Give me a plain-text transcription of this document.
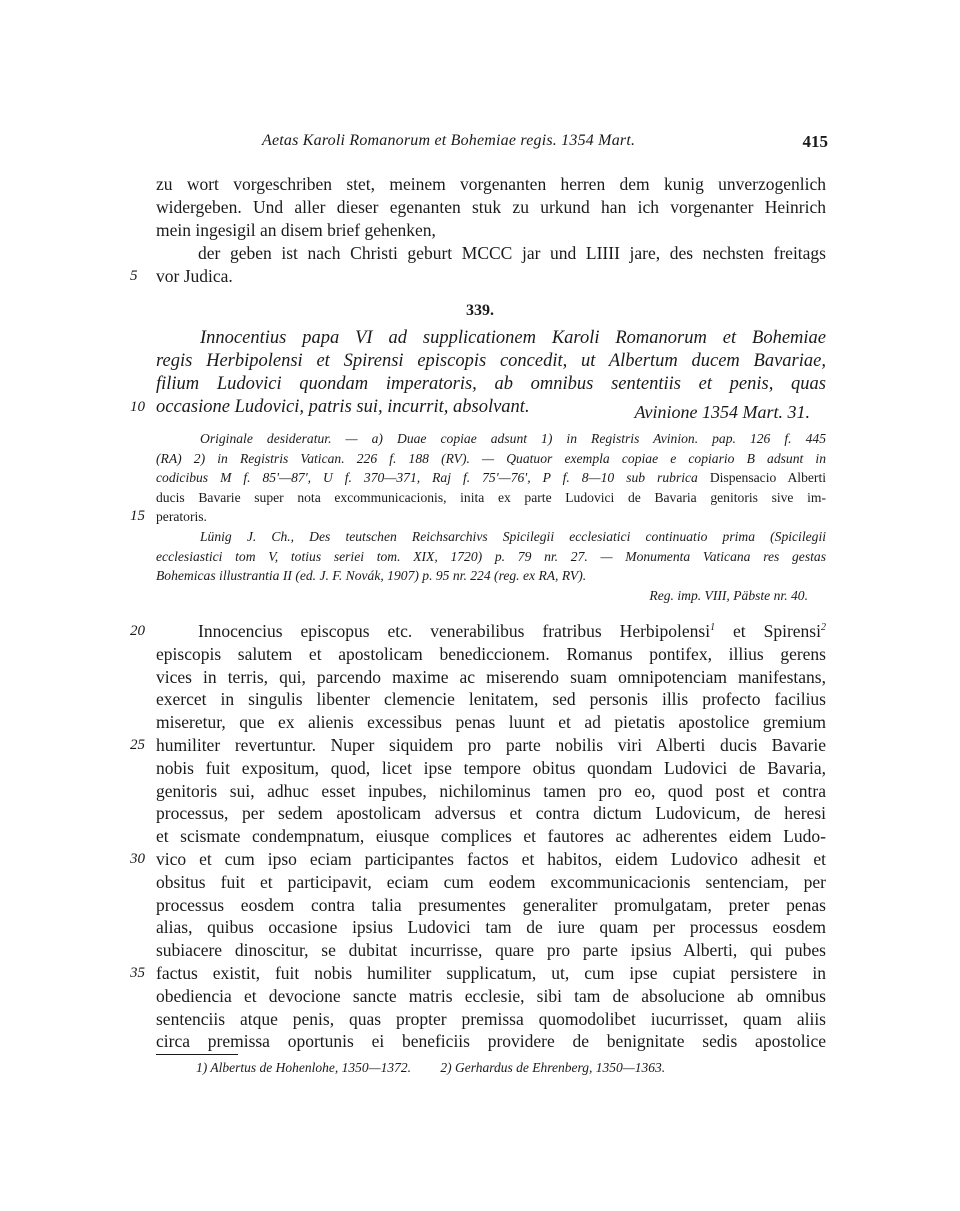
Aetas Karoli Romanorum et Bohemiae regis. 1354 Mart.	415
zu wort vorgeschriben stet, meinem vorgenanten herren dem kunig unverzogenlich
widergeben. Und aller dieser egenanten stuk zu urkund han ich vorgenanter Heinrich
mein ingesigil an disem brief gehenken,
der geben ist nach Christi geburt MCCC jar und LIIII jare, des nechsten freitags
5 vor Judica.
339.
Innocentius papa VI ad supplicationem Karoli Romanorum et Bohemiae
regis Herbipolensi et Spirensi episcopis concedit, ut Albertum ducem Bavariae,
filium Ludovici quondam imperatoris, ab omnibus sententiis et penis, quas
10 occasione Ludovici, patris sui, incurrit, absolvant.	Avinione 1354 Mart. 31.
Originale desideratur. — a) Duae copiae adsunt 1) in Registris Avinion. pap. 126 f. 445
(RA) 2) in Registris Vatican. 226 f. 188 (RV). — Quatuor exempla copiae e copiario B adsunt in
codicibus M f. 85'—87', U f. 370—371, Raj f. 75'—76', P f. 8—10 sub rubrica Dispensacio Alberti
ducis Bavarie super nota excommunicacionis, inita ex parte Ludovici de Bavaria genitoris sive im-
15 peratoris.
Lünig J. Ch., Des teutschen Reichsarchivs Spicilegii ecclesiatici continuatio prima (Spicilegii
ecclesiastici tom V, totius seriei tom. XIX, 1720) p. 79 nr. 27. — Monumenta Vaticana res gestas
Bohemicas illustrantia II (ed. J. F. Novák, 1907) p. 95 nr. 224 (reg. ex RA, RV).
Reg. imp. VIII, Päbste nr. 40.
20	Innocencius episcopus etc. venerabilibus fratribus Herbipolensi$^1$ et Spirensi$^2$
episcopis salutem et apostolicam benediccionem. Romanus pontifex, illius gerens
vices in terris, qui, parcendo maxime ac miserendo suam omnipotenciam manifestans,
exercet in singulis libenter clemencie lenitatem, sed personis illis profecto facilius
miseretur, que ex alienis excessibus penas luunt et ad pietatis apostolice gremium
25 humiliter revertuntur. Nuper siquidem pro parte nobilis viri Alberti ducis Bavarie
nobis fuit expositum, quod, licet ipse tempore obitus quondam Ludovici de Bavaria,
genitoris sui, adhuc esset inpubes, nichilominus tamen pro eo, quod post et contra
processus, per sedem apostolicam adversus et contra dictum Ludovicum, de heresi
et scismate condempnatum, eiusque complices et fautores ac adherentes eidem Ludo-
30 vico et cum ipso eciam participantes factos et habitos, eidem Ludovico adhesit et
obsitus fuit et participavit, eciam cum eodem excommunicacionis sentenciam, per
processus eosdem contra talia presumentes generaliter promulgatam, preter penas
alias, quibus occasione ipsius Ludovici tam de iure quam per processus eosdem
subiacere dinoscitur, se dubitat incurrisse, quare pro parte ipsius Alberti, qui pubes
35 factus existit, fuit nobis humiliter supplicatum, ut, cum ipse cupiat persistere in
obediencia et devocione sancte matris ecclesie, sibi tam de absolucione ab omnibus
sentenciis atque penis, quas propter premissa quomodolibet iucurrisset, quam aliis
circa premissa oportunis ei beneficiis providere de benignitate sedis apostolice
1) Albertus de Hohenlohe, 1350—1372. 2) Gerhardus de Ehrenberg, 1350—1363.
